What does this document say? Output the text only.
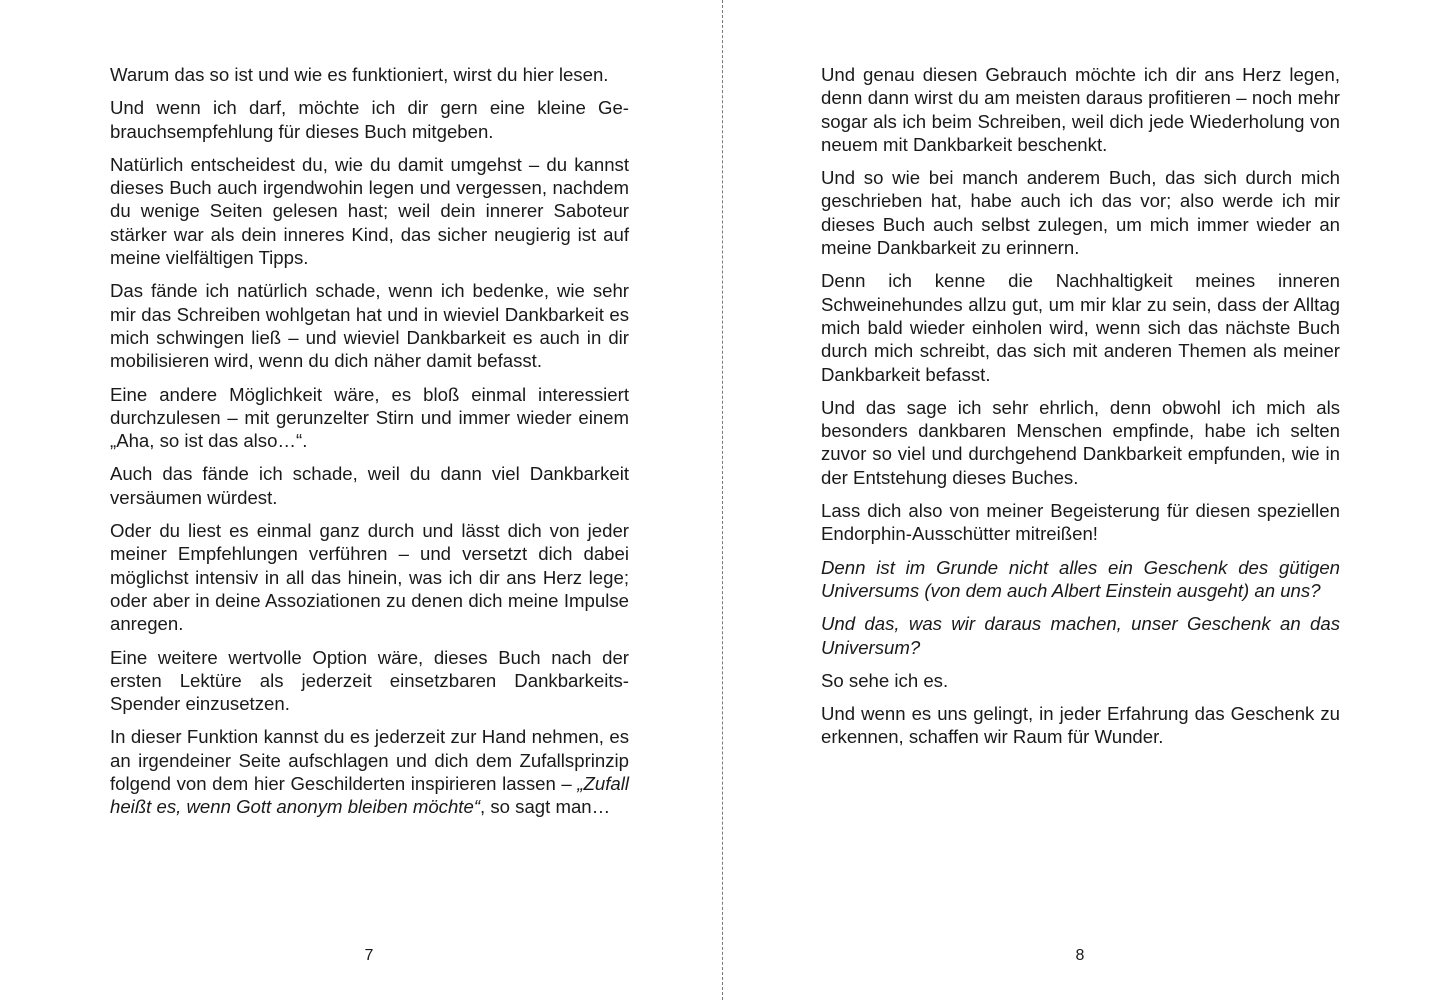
Warum das so ist und wie es funktioniert, wirst du hier lesen.

Und wenn ich darf, möchte ich dir gern eine kleine Gebrauchsempfehlung für dieses Buch mitgeben.

Natürlich entscheidest du, wie du damit umgehst – du kannst dieses Buch auch irgendwohin legen und vergessen, nachdem du wenige Seiten gelesen hast; weil dein innerer Saboteur stärker war als dein inneres Kind, das sicher neugierig ist auf meine vielfältigen Tipps.

Das fände ich natürlich schade, wenn ich bedenke, wie sehr mir das Schreiben wohlgetan hat und in wieviel Dankbarkeit es mich schwingen ließ – und wieviel Dankbarkeit es auch in dir mobilisieren wird, wenn du dich näher damit befasst.

Eine andere Möglichkeit wäre, es bloß einmal interessiert durchzulesen – mit gerunzelter Stirn und immer wieder einem „Aha, so ist das also…“.

Auch das fände ich schade, weil du dann viel Dankbarkeit versäumen würdest.

Oder du liest es einmal ganz durch und lässt dich von jeder meiner Empfehlungen verführen – und versetzt dich dabei möglichst intensiv in all das hinein, was ich dir ans Herz lege; oder aber in deine Assoziationen zu denen dich meine Impulse anregen.

Eine weitere wertvolle Option wäre, dieses Buch nach der ersten Lektüre als jederzeit einsetzbaren Dankbarkeits-Spender einzusetzen.

In dieser Funktion kannst du es jederzeit zur Hand nehmen, es an irgendeiner Seite aufschlagen und dich dem Zufallsprinzip folgend von dem hier Geschilderten inspirieren lassen – „Zufall heißt es, wenn Gott anonym bleiben möchte“, so sagt man…

7

Und genau diesen Gebrauch möchte ich dir ans Herz legen, denn dann wirst du am meisten daraus profitieren – noch mehr sogar als ich beim Schreiben, weil dich jede Wiederholung von neuem mit Dankbarkeit beschenkt.

Und so wie bei manch anderem Buch, das sich durch mich geschrieben hat, habe auch ich das vor; also werde ich mir dieses Buch auch selbst zulegen, um mich immer wieder an meine Dankbarkeit zu erinnern.

Denn ich kenne die Nachhaltigkeit meines inneren Schweinehundes allzu gut, um mir klar zu sein, dass der Alltag mich bald wieder einholen wird, wenn sich das nächste Buch durch mich schreibt, das sich mit anderen Themen als meiner Dankbarkeit befasst.

Und das sage ich sehr ehrlich, denn obwohl ich mich als besonders dankbaren Menschen empfinde, habe ich selten zuvor so viel und durchgehend Dankbarkeit empfunden, wie in der Entstehung dieses Buches.

Lass dich also von meiner Begeisterung für diesen speziellen Endorphin-Ausschütter mitreißen!

Denn ist im Grunde nicht alles ein Geschenk des gütigen Universums (von dem auch Albert Einstein ausgeht) an uns?

Und das, was wir daraus machen, unser Geschenk an das Universum?

So sehe ich es.

Und wenn es uns gelingt, in jeder Erfahrung das Geschenk zu erkennen, schaffen wir Raum für Wunder.

8
